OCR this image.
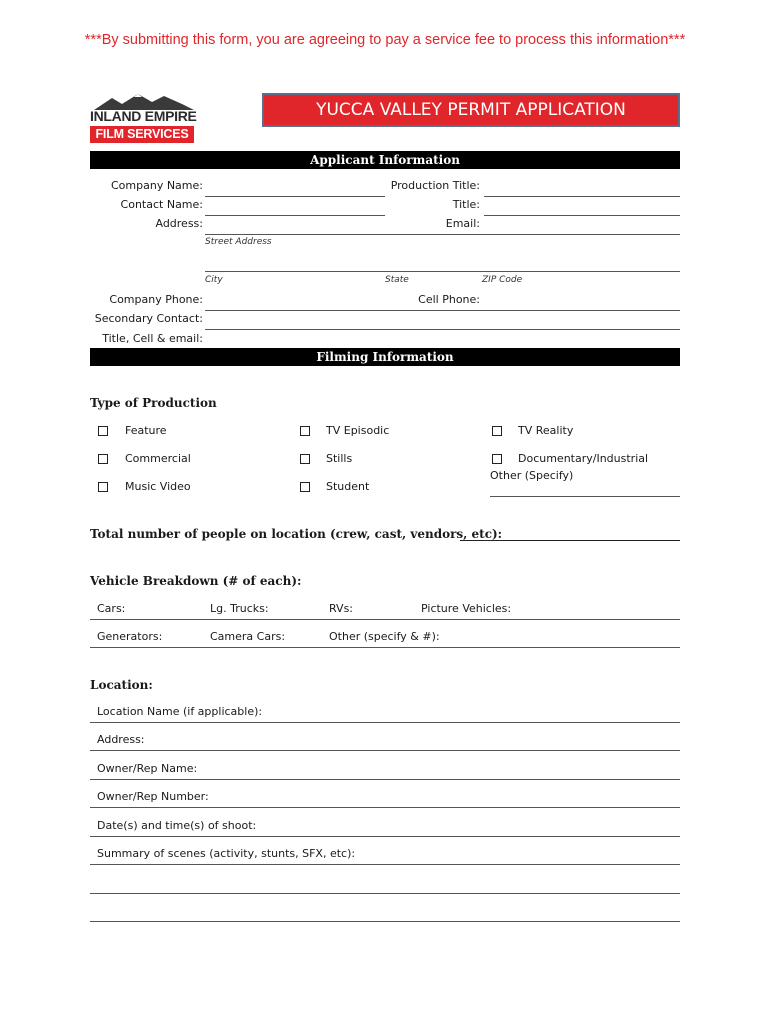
***By submitting this form, you are agreeing to pay a service fee to process this information***
INLAND EMPIRE
FILM SERVICES
YUCCA VALLEY PERMIT APPLICATION
Applicant Information
Company Name:	Production Title:
Contact Name:	Title:
Address:	Email:
Street Address
City	State	ZIP Code
Company Phone:	Cell Phone:
Secondary Contact:
Title, Cell & email:
Filming Information
Type of Production
Feature	TV Episodic	TV Reality
Commercial	Stills	Documentary/Industrial
Other (Specify)
Music Video	Student
Total number of people on location (crew, cast, vendors, etc):
Vehicle Breakdown (# of each):
Cars:	Lg. Trucks:	RVs:	Picture Vehicles:
Generators:	Camera Cars:	Other (specify & #):
Location:
Location Name (if applicable):
Address:
Owner/Rep Name:
Owner/Rep Number:
Date(s) and time(s) of shoot:
Summary of scenes (activity, stunts, SFX, etc):
